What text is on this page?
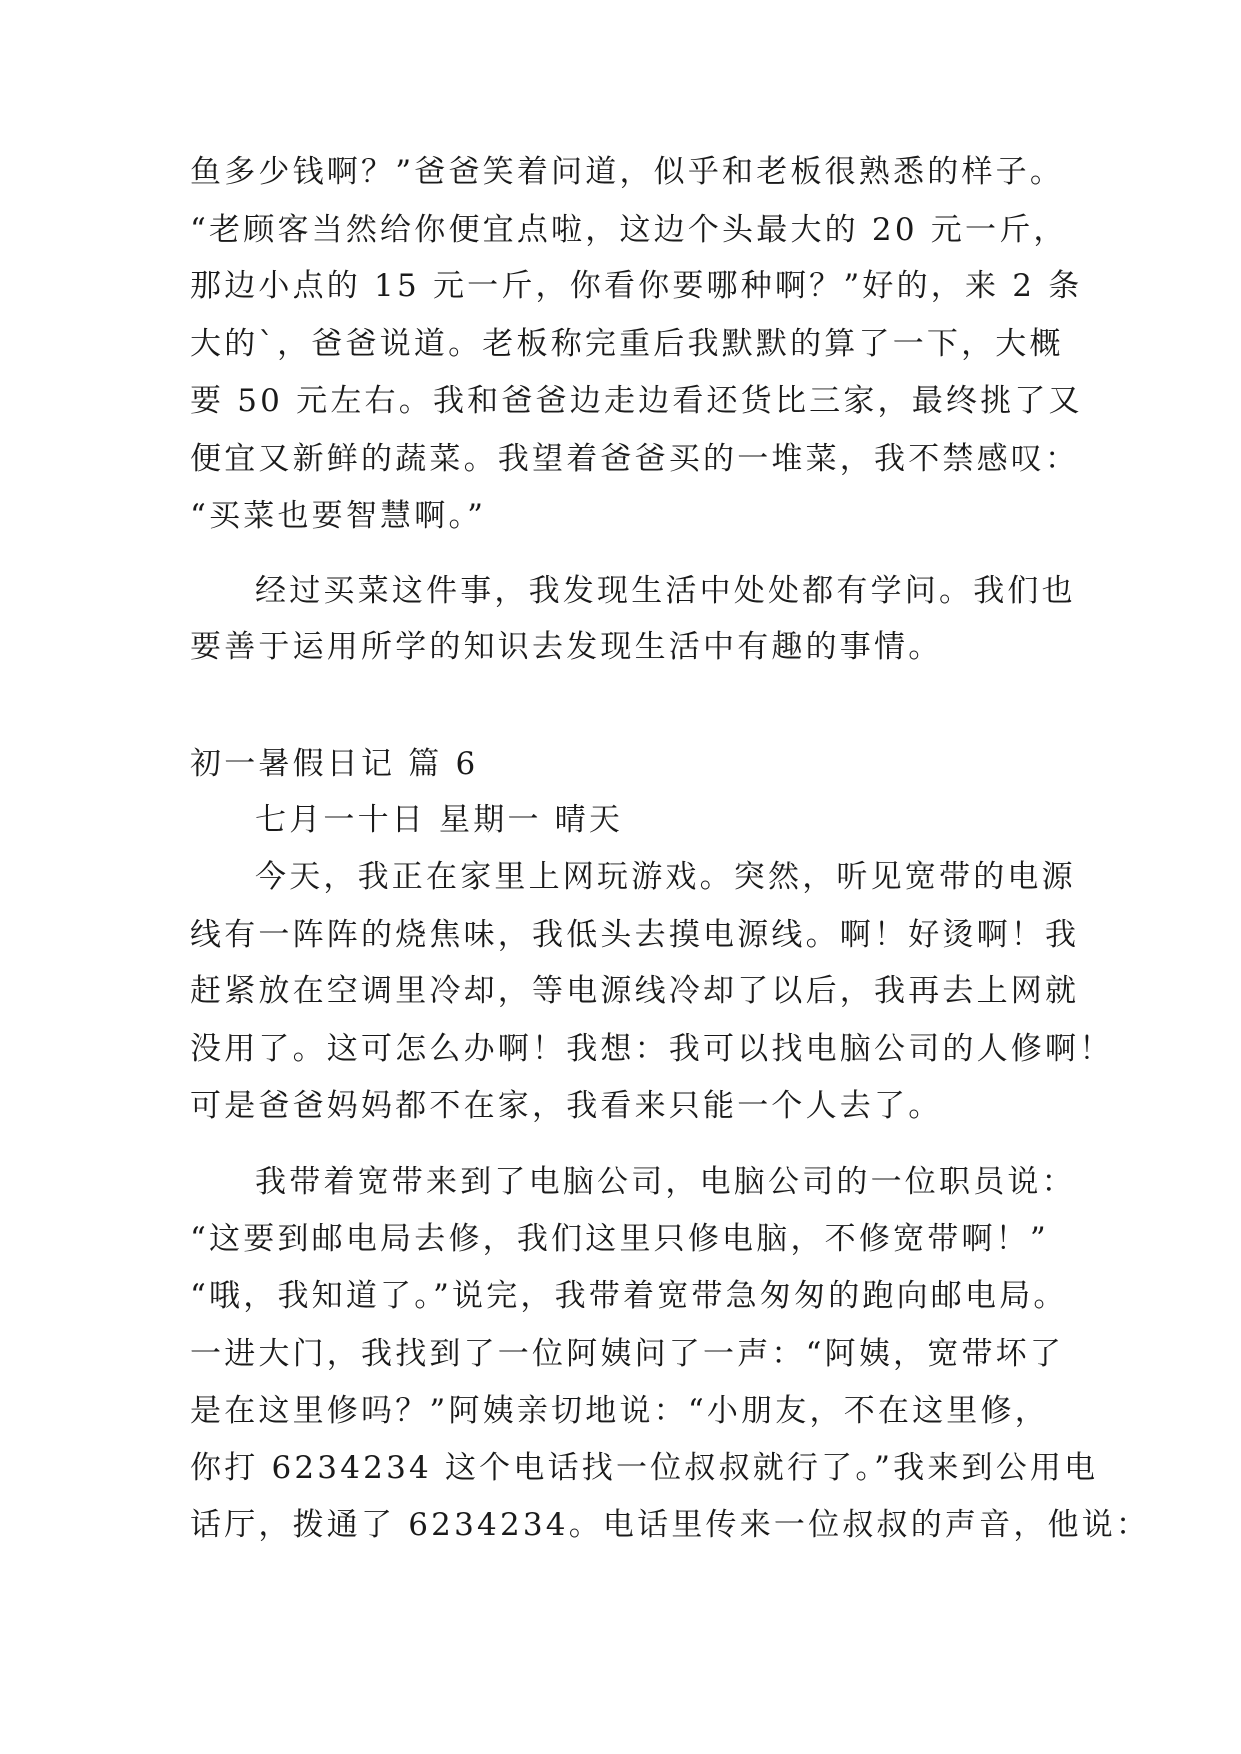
鱼多少钱啊？”爸爸笑着问道，似乎和老板很熟悉的样子。
“老顾客当然给你便宜点啦，这边个头最大的 20 元一斤，
那边小点的 15 元一斤，你看你要哪种啊？”好的，来 2 条
大的`，爸爸说道。老板称完重后我默默的算了一下，大概
要 50 元左右。我和爸爸边走边看还货比三家，最终挑了又
便宜又新鲜的蔬菜。我望着爸爸买的一堆菜，我不禁感叹：
“买菜也要智慧啊。”
经过买菜这件事，我发现生活中处处都有学问。我们也
要善于运用所学的知识去发现生活中有趣的事情。
初一暑假日记 篇 6
七月一十日 星期一 晴天
今天，我正在家里上网玩游戏。突然，听见宽带的电源
线有一阵阵的烧焦味，我低头去摸电源线。啊！好烫啊！我
赶紧放在空调里冷却，等电源线冷却了以后，我再去上网就
没用了。这可怎么办啊！我想：我可以找电脑公司的人修啊！
可是爸爸妈妈都不在家，我看来只能一个人去了。
我带着宽带来到了电脑公司，电脑公司的一位职员说：
“这要到邮电局去修，我们这里只修电脑，不修宽带啊！”
“哦，我知道了。”说完，我带着宽带急匆匆的跑向邮电局。
一进大门，我找到了一位阿姨问了一声：“阿姨，宽带坏了
是在这里修吗？”阿姨亲切地说：“小朋友，不在这里修，
你打 6234234 这个电话找一位叔叔就行了。”我来到公用电
话厅，拨通了 6234234。电话里传来一位叔叔的声音，他说：
